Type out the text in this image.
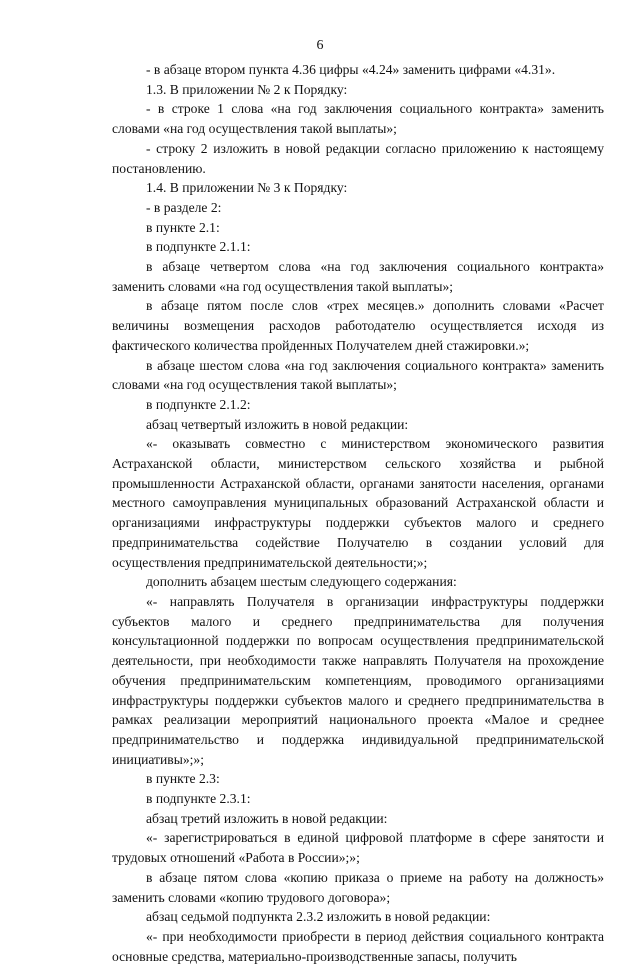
6

- в абзаце втором пункта 4.36 цифры «4.24» заменить цифрами «4.31».

1.3. В приложении № 2 к Порядку:

- в строке 1 слова «на год заключения социального контракта» заменить словами «на год осуществления такой выплаты»;

- строку 2 изложить в новой редакции согласно приложению к настоящему постановлению.

1.4. В приложении № 3 к Порядку:

- в разделе 2:

в пункте 2.1:

в подпункте 2.1.1:

в абзаце четвертом слова «на год заключения социального контракта» заменить словами «на год осуществления такой выплаты»;

в абзаце пятом после слов «трех месяцев.» дополнить словами «Расчет величины возмещения расходов работодателю осуществляется исходя из фактического количества пройденных Получателем дней стажировки.»;

в абзаце шестом слова «на год заключения социального контракта» заменить словами «на год осуществления такой выплаты»;

в подпункте 2.1.2:

абзац четвертый изложить в новой редакции:

«- оказывать совместно с министерством экономического развития Астраханской области, министерством сельского хозяйства и рыбной промышленности Астраханской области, органами занятости населения, органами местного самоуправления муниципальных образований Астраханской области и организациями инфраструктуры поддержки субъектов малого и среднего предпринимательства содействие Получателю в создании условий для осуществления предпринимательской деятельности;»;

дополнить абзацем шестым следующего содержания:

«- направлять Получателя в организации инфраструктуры поддержки субъектов малого и среднего предпринимательства для получения консультационной поддержки по вопросам осуществления предпринимательской деятельности, при необходимости также направлять Получателя на прохождение обучения предпринимательским компетенциям, проводимого организациями инфраструктуры поддержки субъектов малого и среднего предпринимательства в рамках реализации мероприятий национального проекта «Малое и среднее предпринимательство и поддержка индивидуальной предпринимательской инициативы»;»;

в пункте 2.3:

в подпункте 2.3.1:

абзац третий изложить в новой редакции:

«- зарегистрироваться в единой цифровой платформе в сфере занятости и трудовых отношений «Работа в России»;»;

в абзаце пятом слова «копию приказа о приеме на работу на должность» заменить словами «копию трудового договора»;

абзац седьмой подпункта 2.3.2 изложить в новой редакции:

«- при необходимости приобрести в период действия социального контракта основные средства, материально-производственные запасы, получить
